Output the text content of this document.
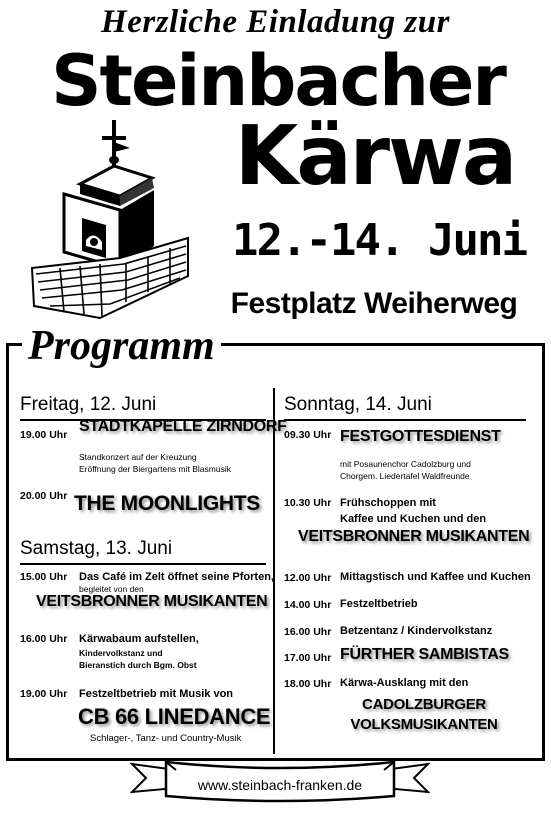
Herzliche Einladung zur
Steinbacher
Kärwa
12.-14. Juni
Festplatz Weiherweg
Programm
Freitag, 12. Juni
19.00 Uhr STADTKAPELLE ZIRNDORF
Standkonzert auf der Kreuzung
Eröffnung der Biergartens mit Blasmusik
20.00 Uhr THE MOONLIGHTS
Samstag, 13. Juni
15.00 Uhr Das Café im Zelt öffnet seine Pforten,
begleitet von den
VEITSBRONNER MUSIKANTEN
16.00 Uhr Kärwabaum aufstellen,
Kindervolkstanz und
Bieranstich durch Bgm. Obst
19.00 Uhr Festzeltbetrieb mit Musik von
CB 66 LINEDANCE
Schlager-, Tanz- und Country-Musik
Sonntag, 14. Juni
09.30 Uhr FESTGOTTESDIENST
mit Posaunenchor Cadolzburg und
Chorgem. Liedertafel Waldfreunde
10.30 Uhr Frühschoppen mit
Kaffee und Kuchen und den
VEITSBRONNER MUSIKANTEN
12.00 Uhr Mittagstisch und Kaffee und Kuchen
14.00 Uhr Festzeltbetrieb
16.00 Uhr Betzentanz / Kindervolkstanz
17.00 Uhr FÜRTHER SAMBISTAS
18.00 Uhr Kärwa-Ausklang mit den
CADOLZBURGER
VOLKSMUSIKANTEN
www.steinbach-franken.de
